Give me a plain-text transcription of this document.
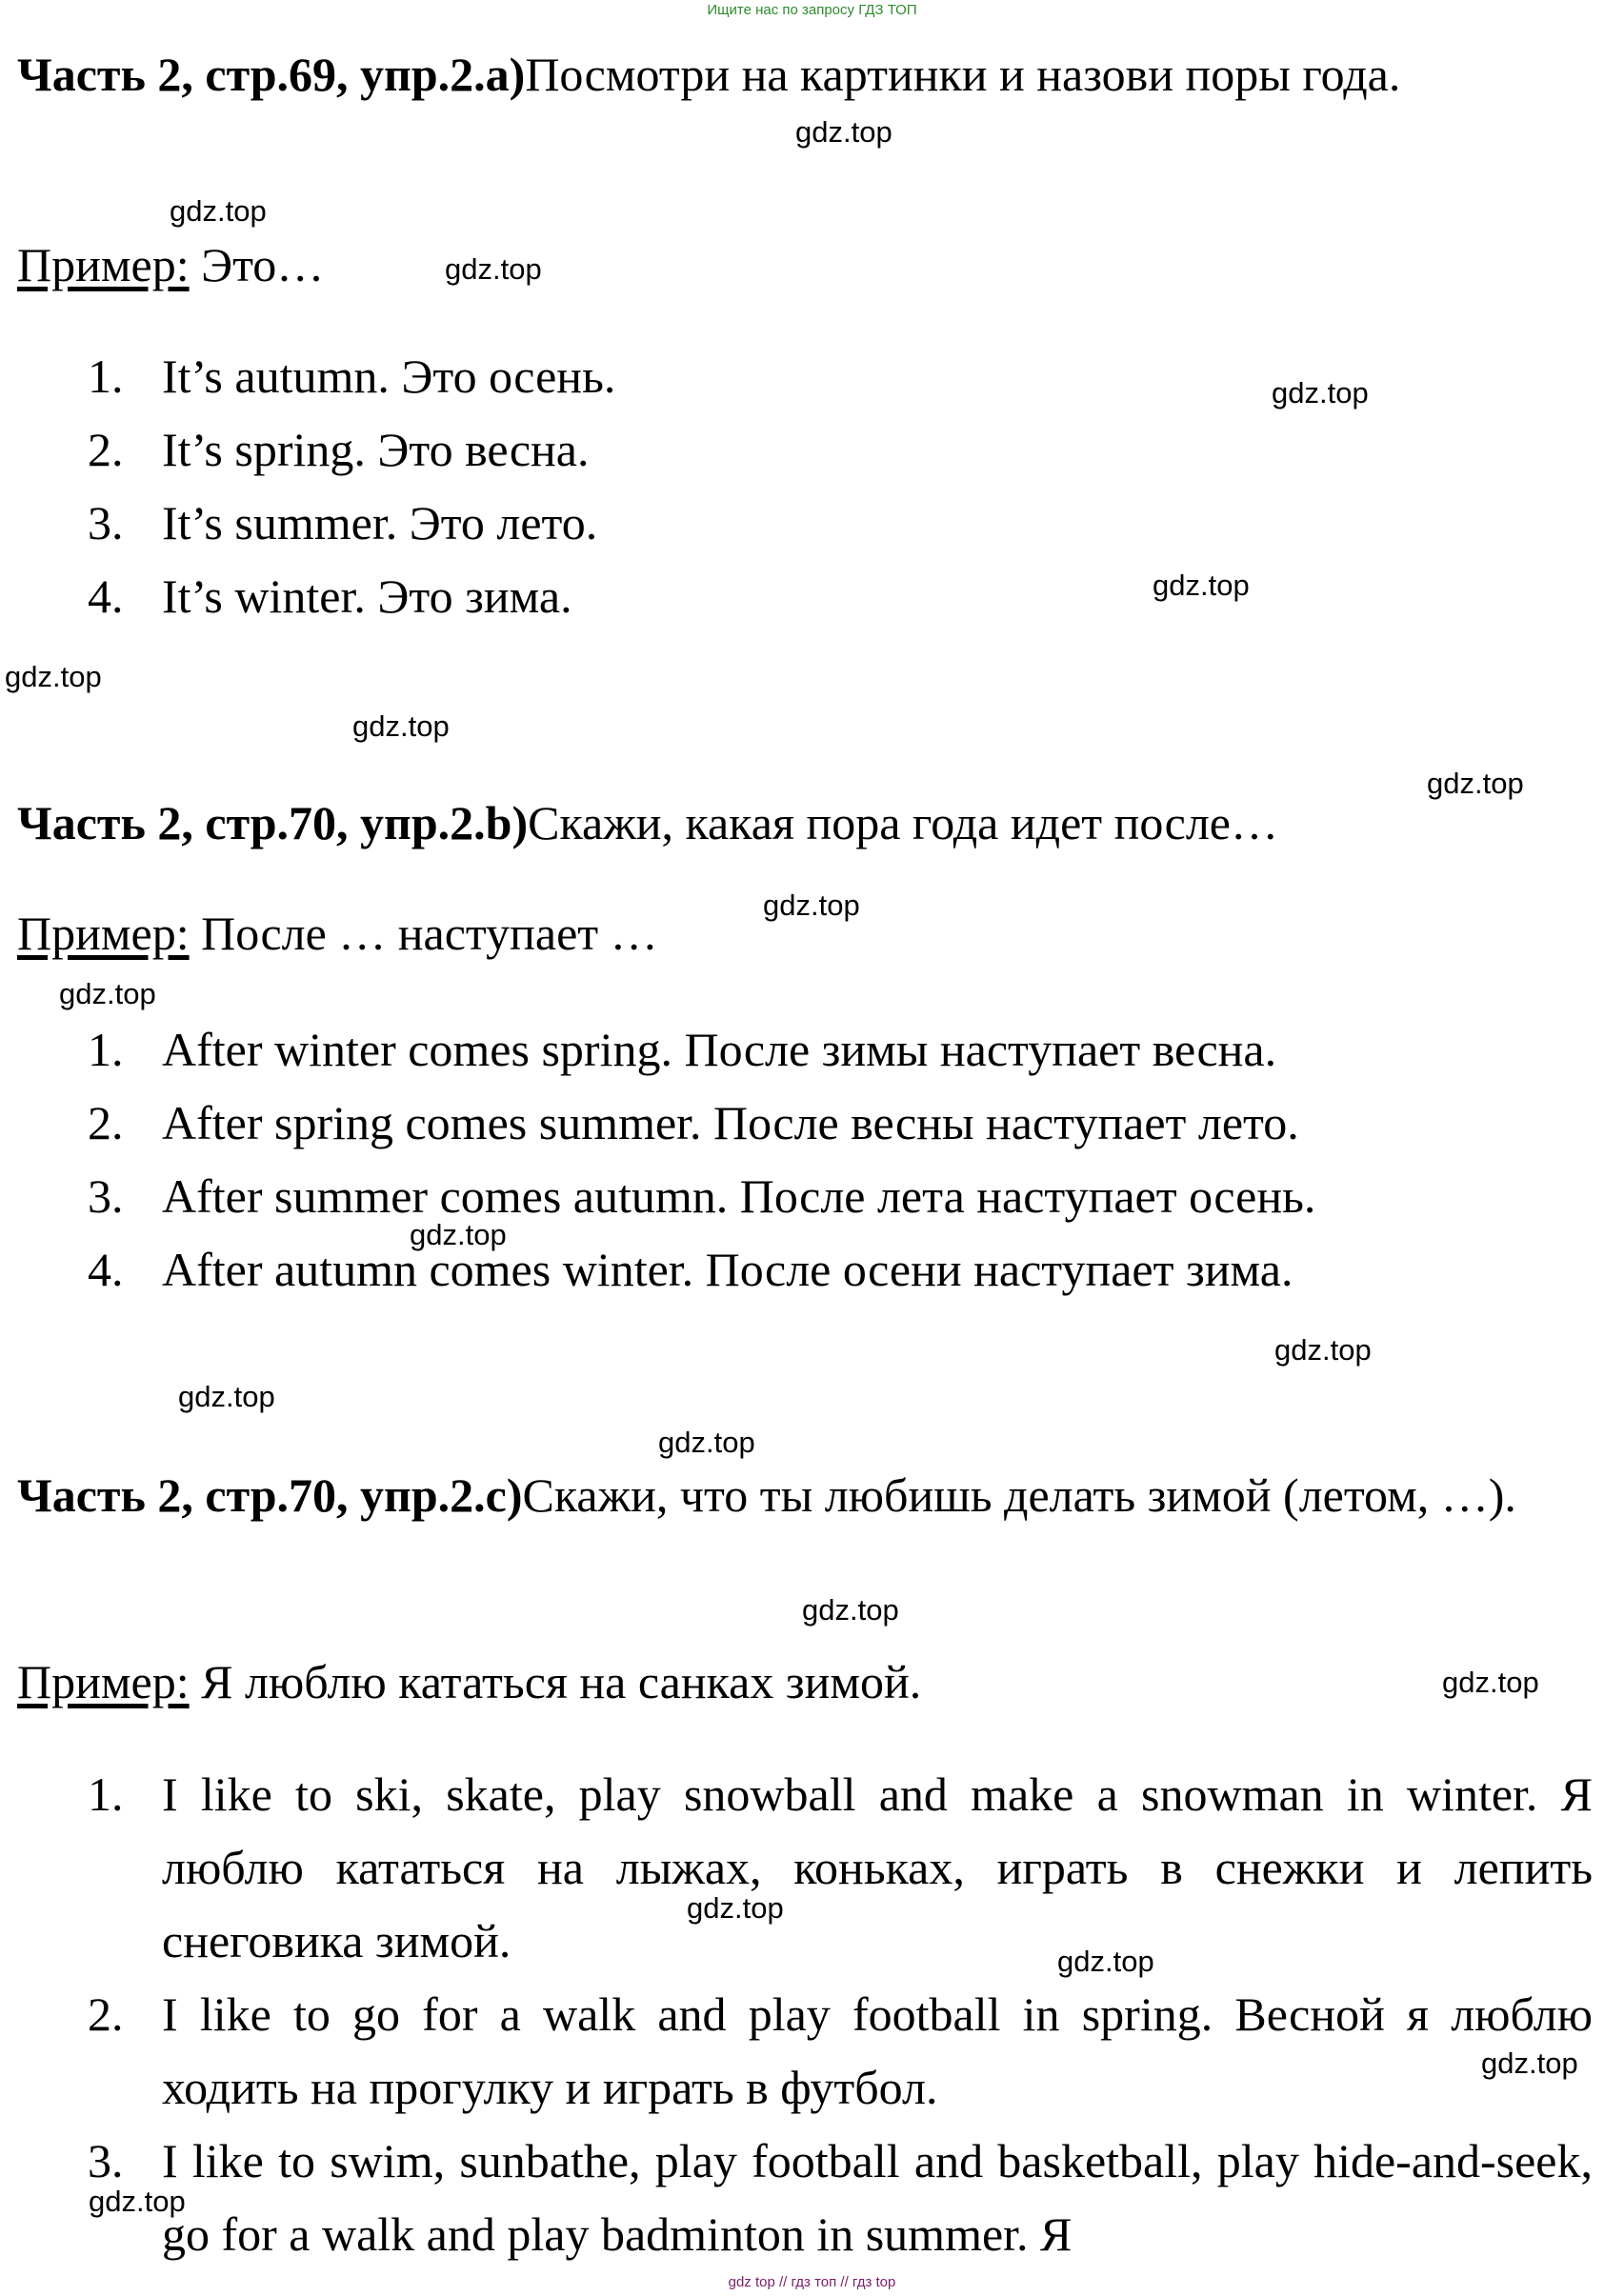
Ищите нас по запросу ГДЗ ТОП

Часть 2, стр.69, упр.2.a)Посмотри на картинки и назови поры года.

Пример: Это…

1. It’s autumn. Это осень.
2. It’s spring. Это весна.
3. It’s summer. Это лето.
4. It’s winter. Это зима.

Часть 2, стр.70, упр.2.b)Скажи, какая пора года идет после…

Пример: После … наступает …

1. After winter comes spring. После зимы наступает весна.
2. After spring comes summer. После весны наступает лето.
3. After summer comes autumn. После лета наступает осень.
4. After autumn comes winter. После осени наступает зима.

Часть 2, стр.70, упр.2.c)Скажи, что ты любишь делать зимой (летом, …).

Пример: Я люблю кататься на санках зимой.

1. I like to ski, skate, play snowball and make a snowman in winter. Я люблю кататься на лыжах, коньках, играть в снежки и лепить снеговика зимой.
2. I like to go for a walk and play football in spring. Весной я люблю ходить на прогулку и играть в футбол.
3. I like to swim, sunbathe, play football and basketball, play hide-and-seek, go for a walk and play badminton in summer. Я
gdz.top
gdz.top
gdz.top
gdz.top
gdz.top
gdz.top
gdz.top
gdz.top
gdz.top
gdz.top
gdz.top
gdz.top
gdz.top
gdz.top
gdz.top
gdz.top
gdz.top
gdz.top
gdz.top
gdz.top
gdz top // гдз топ // гдз top
